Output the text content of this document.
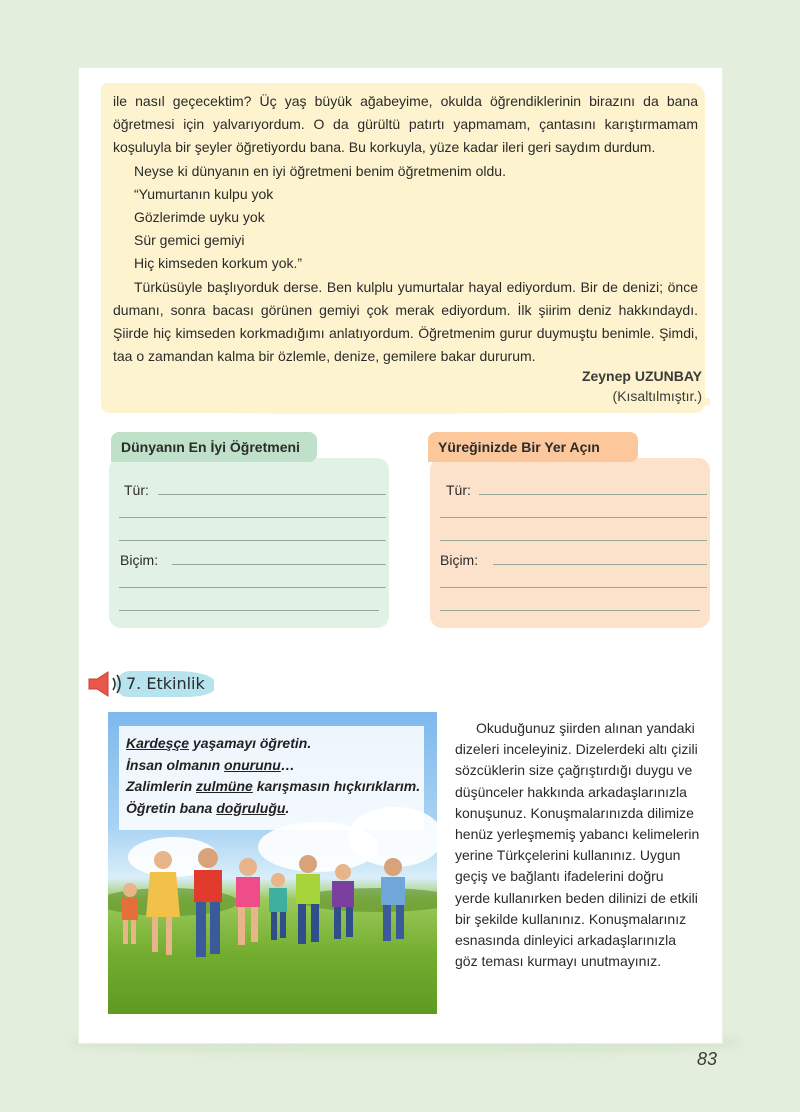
ile nasıl geçecektim? Üç yaş büyük ağabeyime, okulda öğrendiklerinin birazını da bana öğretmesi için yalvarıyordum. O da gürültü patırtı yapmamam, çantasını karıştırmamam koşuluyla bir şeyler öğretiyordu bana. Bu korkuyla, yüze kadar ileri geri saydım durdum.

Neyse ki dünyanın en iyi öğretmeni benim öğretmenim oldu.

“Yumurtanın kulpu yok

Gözlerimde uyku yok

Sür gemici gemiyi

Hiç kimseden korkum yok.”

Türküsüyle başlıyorduk derse. Ben kulplu yumurtalar hayal ediyordum. Bir de denizi; önce dumanı, sonra bacası görünen gemiyi çok merak ediyordum. İlk şiirim deniz hakkındaydı. Şiirde hiç kimseden korkmadığımı anlatıyordum. Öğretmenim gurur duymuştu benimle. Şimdi, taa o zamandan kalma bir özlemle, denize, gemilere bakar dururum.

Zeynep UZUNBAY
(Kısaltılmıştır.)
Dünyanın En İyi Öğretmeni
Tür:
Biçim:
Yüreğinizde Bir Yer Açın
Tür:
Biçim:
7. Etkinlik
Kardeşçe yaşamayı öğretin.
İnsan olmanın onurunu…
Zalimlerin zulmüne karışmasın hıçkırıklarım.
Öğretin bana doğruluğu.

Okuduğunuz şiirden alınan yandaki dizeleri inceleyiniz. Dizelerdeki altı çizili sözcüklerin size çağrıştırdığı duygu ve düşünceler hakkında arkadaşlarınızla konuşunuz. Konuşmalarınızda dilimize henüz yerleşmemiş yabancı kelimelerin yerine Türkçelerini kullanınız. Uygun geçiş ve bağlantı ifadelerini doğru yerde kullanırken beden dilinizi de etkili bir şekilde kullanınız. Konuşmalarınız esnasında dinleyici arkadaşlarınızla göz teması kurmayı unutmayınız.

83
